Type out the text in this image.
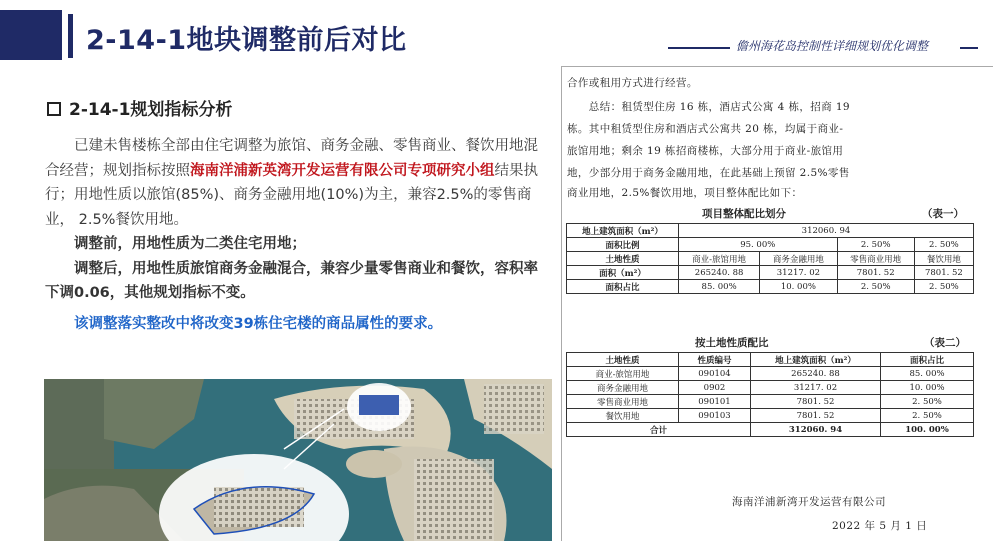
2-14-1地块调整前后对比	儋州海花岛控制性详细规划优化调整
2-14-1规划指标分析

已建未售楼栋全部由住宅调整为旅馆、商务金融、零售商业、餐饮用地混合经营；规划指标按照海南洋浦新英湾开发运营有限公司专项研究小组结果执行；用地性质以旅馆(85%)、商务金融用地(10%)为主，兼容2.5%的零售商业， 2.5%餐饮用地。

调整前，用地性质为二类住宅用地；

调整后，用地性质旅馆商务金融混合，兼容少量零售商业和餐饮，容积率下调0.06，其他规划指标不变。

该调整落实整改中将改变39栋住宅楼的商品属性的要求。

合作或租用方式进行经营。
　　总结：租赁型住房 16 栋，酒店式公寓 4 栋，招商 19
栋。其中租赁型住房和酒店式公寓共 20 栋，均属于商业-
旅馆用地；剩余 19 栋招商楼栋，大部分用于商业-旅馆用
地，少部分用于商务金融用地，在此基础上预留 2.5%零售
商业用地，2.5%餐饮用地，项目整体配比如下：
项目整体配比划分	（表一）
地上建筑面积（m²）	312060. 94			
面积比例	95. 00%		2. 50%	2. 50%
土地性质	商业-旅馆用地	商务金融用地	零售商业用地	餐饮用地
面积（m²）	265240. 88	31217. 02	7801. 52	7801. 52
面积占比	85. 00%	10. 00%	2. 50%	2. 50%
按土地性质配比	（表二）
土地性质	性质编号	地上建筑面积（m²）	面积占比
商业-旅馆用地	090104	265240. 88	85. 00%
商务金融用地	0902	31217. 02	10. 00%
零售商业用地	090101	7801. 52	2. 50%
餐饮用地	090103	7801. 52	2. 50%
合计		312060. 94	100. 00%
海南洋浦新湾开发运营有限公司
2022 年 5 月 1 日
